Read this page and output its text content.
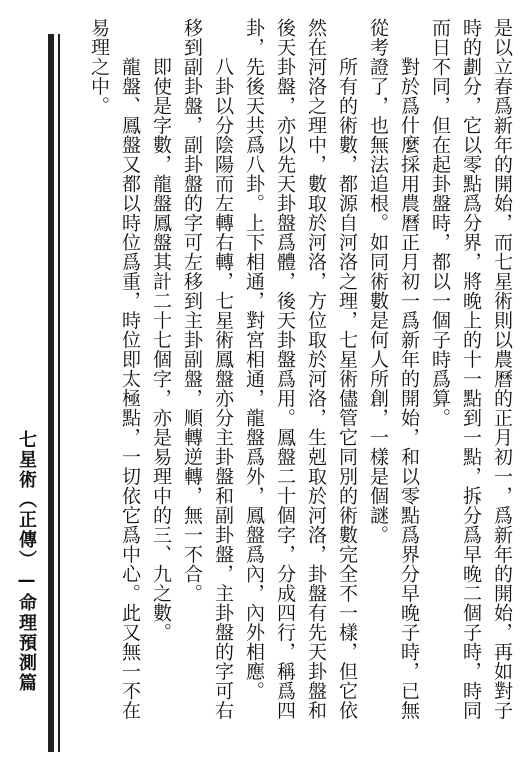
是以立春爲新年的開始，而七星術則以農曆的正月初一，爲新年的開始，再如對子
時的劃分，它以零點爲分界，將晚上的十一點到一點，拆分爲早晚二個子時，時同
而日不同，但在起卦盤時，都以一個子時爲算。
　　對於爲什麼採用農曆正月初一爲新年的開始，和以零點爲界分早晚子時，已無
從考證了，也無法追根。如同術數是何人所創，一樣是個謎。
　　所有的術數，都源自河洛之理，七星術儘管它同別的術數完全不一樣，但它依
然在河洛之理中，數取於河洛，方位取於河洛，生剋取於河洛，卦盤有先天卦盤和
後天卦盤，亦以先天卦盤爲體，後天卦盤爲用。鳳盤二十個字，分成四行，稱爲四
卦，先後天共爲八卦。上下相通，對宮相通，龍盤爲外，鳳盤爲內，內外相應。
　　八卦以分陰陽而左轉右轉，七星術鳳盤亦分主卦盤和副卦盤，主卦盤的字可右
移到副卦盤，副卦盤的字可左移到主卦副盤，順轉逆轉，無一不合。
　　即使是字數，龍盤鳳盤其計二十七個字，亦是易理中的三、九之數。
　　龍盤、鳳盤又都以時位爲重，時位即太極點，一切依它爲中心。此又無一不在
易理之中。
七星術（正傳）—命理預測篇
